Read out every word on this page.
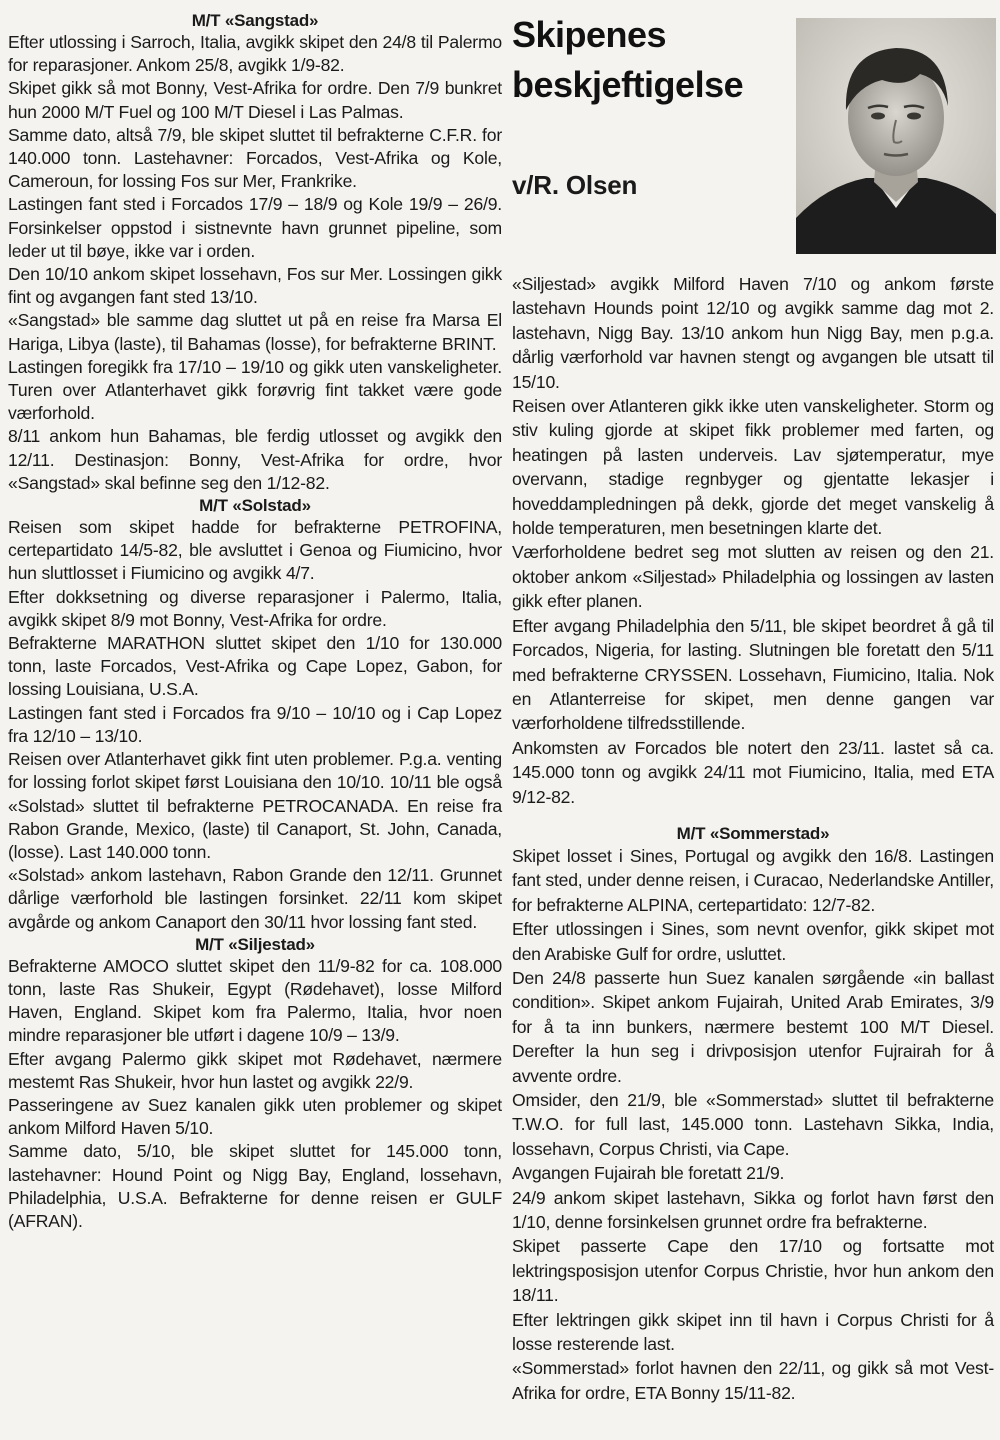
M/T «Sangstad»

Efter utlossing i Sarroch, Italia, avgikk skipet den 24/8 til Palermo for reparasjoner. Ankom 25/8, avgikk 1/9-82.

Skipet gikk så mot Bonny, Vest-Afrika for ordre. Den 7/9 bunkret hun 2000 M/T Fuel og 100 M/T Diesel i Las Palmas.

Samme dato, altså 7/9, ble skipet sluttet til befrakterne C.F.R. for 140.000 tonn. Lastehavner: Forcados, Vest-Afrika og Kole, Cameroun, for lossing Fos sur Mer, Frankrike.

Lastingen fant sted i Forcados 17/9 – 18/9 og Kole 19/9 – 26/9. Forsinkelser oppstod i sistnevnte havn grunnet pipeline, som leder ut til bøye, ikke var i orden.

Den 10/10 ankom skipet lossehavn, Fos sur Mer. Lossingen gikk fint og avgangen fant sted 13/10.

«Sangstad» ble samme dag sluttet ut på en reise fra Marsa El Hariga, Libya (laste), til Bahamas (losse), for befrakterne BRINT.

Lastingen foregikk fra 17/10 – 19/10 og gikk uten vanskeligheter. Turen over Atlanterhavet gikk forøvrig fint takket være gode værforhold.

8/11 ankom hun Bahamas, ble ferdig utlosset og avgikk den 12/11. Destinasjon: Bonny, Vest-Afrika for ordre, hvor «Sangstad» skal befinne seg den 1/12-82.

M/T «Solstad»

Reisen som skipet hadde for befrakterne PETROFINA, certepartidato 14/5-82, ble avsluttet i Genoa og Fiumicino, hvor hun sluttlosset i Fiumicino og avgikk 4/7.

Efter dokksetning og diverse reparasjoner i Palermo, Italia, avgikk skipet 8/9 mot Bonny, Vest-Afrika for ordre.

Befrakterne MARATHON sluttet skipet den 1/10 for 130.000 tonn, laste Forcados, Vest-Afrika og Cape Lopez, Gabon, for lossing Louisiana, U.S.A.

Lastingen fant sted i Forcados fra 9/10 – 10/10 og i Cap Lopez fra 12/10 – 13/10.

Reisen over Atlanterhavet gikk fint uten problemer. P.g.a. venting for lossing forlot skipet først Louisiana den 10/10. 10/11 ble også «Solstad» sluttet til befrakterne PETROCANADA. En reise fra Rabon Grande, Mexico, (laste) til Canaport, St. John, Canada, (losse). Last 140.000 tonn.

«Solstad» ankom lastehavn, Rabon Grande den 12/11. Grunnet dårlige værforhold ble lastingen forsinket. 22/11 kom skipet avgårde og ankom Canaport den 30/11 hvor lossing fant sted.

M/T «Siljestad»

Befrakterne AMOCO sluttet skipet den 11/9-82 for ca. 108.000 tonn, laste Ras Shukeir, Egypt (Rødehavet), losse Milford Haven, England. Skipet kom fra Palermo, Italia, hvor noen mindre reparasjoner ble utført i dagene 10/9 – 13/9.

Efter avgang Palermo gikk skipet mot Rødehavet, nærmere mestemt Ras Shukeir, hvor hun lastet og avgikk 22/9.

Passeringene av Suez kanalen gikk uten problemer og skipet ankom Milford Haven 5/10.

Samme dato, 5/10, ble skipet sluttet for 145.000 tonn, lastehavner: Hound Point og Nigg Bay, England, lossehavn, Philadelphia, U.S.A. Befrakterne for denne reisen er GULF (AFRAN).

Skipenes
beskjeftigelse
v/R. Olsen

«Siljestad» avgikk Milford Haven 7/10 og ankom første lastehavn Hounds point 12/10 og avgikk samme dag mot 2. lastehavn, Nigg Bay. 13/10 ankom hun Nigg Bay, men p.g.a. dårlig værforhold var havnen stengt og avgangen ble utsatt til 15/10.

Reisen over Atlanteren gikk ikke uten vanskeligheter. Storm og stiv kuling gjorde at skipet fikk problemer med farten, og heatingen på lasten underveis. Lav sjøtemperatur, mye overvann, stadige regnbyger og gjentatte lekasjer i hoveddampledningen på dekk, gjorde det meget vanskelig å holde temperaturen, men besetningen klarte det.

Værforholdene bedret seg mot slutten av reisen og den 21. oktober ankom «Siljestad» Philadelphia og lossingen av lasten gikk efter planen.

Efter avgang Philadelphia den 5/11, ble skipet beordret å gå til Forcados, Nigeria, for lasting. Slutningen ble foretatt den 5/11 med befrakterne CRYSSEN. Lossehavn, Fiumicino, Italia. Nok en Atlanterreise for skipet, men denne gangen var værforholdene tilfredsstillende.

Ankomsten av Forcados ble notert den 23/11. lastet så ca. 145.000 tonn og avgikk 24/11 mot Fiumicino, Italia, med ETA 9/12-82.

M/T «Sommerstad»

Skipet losset i Sines, Portugal og avgikk den 16/8. Lastingen fant sted, under denne reisen, i Curacao, Nederlandske Antiller, for befrakterne ALPINA, certepartidato: 12/7-82.

Efter utlossingen i Sines, som nevnt ovenfor, gikk skipet mot den Arabiske Gulf for ordre, usluttet.

Den 24/8 passerte hun Suez kanalen sørgående «in ballast condition». Skipet ankom Fujairah, United Arab Emirates, 3/9 for å ta inn bunkers, nærmere bestemt 100 M/T Diesel. Derefter la hun seg i drivposisjon utenfor Fujrairah for å avvente ordre.

Omsider, den 21/9, ble «Sommerstad» sluttet til befrakterne T.W.O. for full last, 145.000 tonn. Lastehavn Sikka, India, lossehavn, Corpus Christi, via Cape.

Avgangen Fujairah ble foretatt 21/9.

24/9 ankom skipet lastehavn, Sikka og forlot havn først den 1/10, denne forsinkelsen grunnet ordre fra befrakterne.

Skipet passerte Cape den 17/10 og fortsatte mot lektringsposisjon utenfor Corpus Christie, hvor hun ankom den 18/11.

Efter lektringen gikk skipet inn til havn i Corpus Christi for å losse resterende last.

«Sommerstad» forlot havnen den 22/11, og gikk så mot Vest-Afrika for ordre, ETA Bonny 15/11-82.
